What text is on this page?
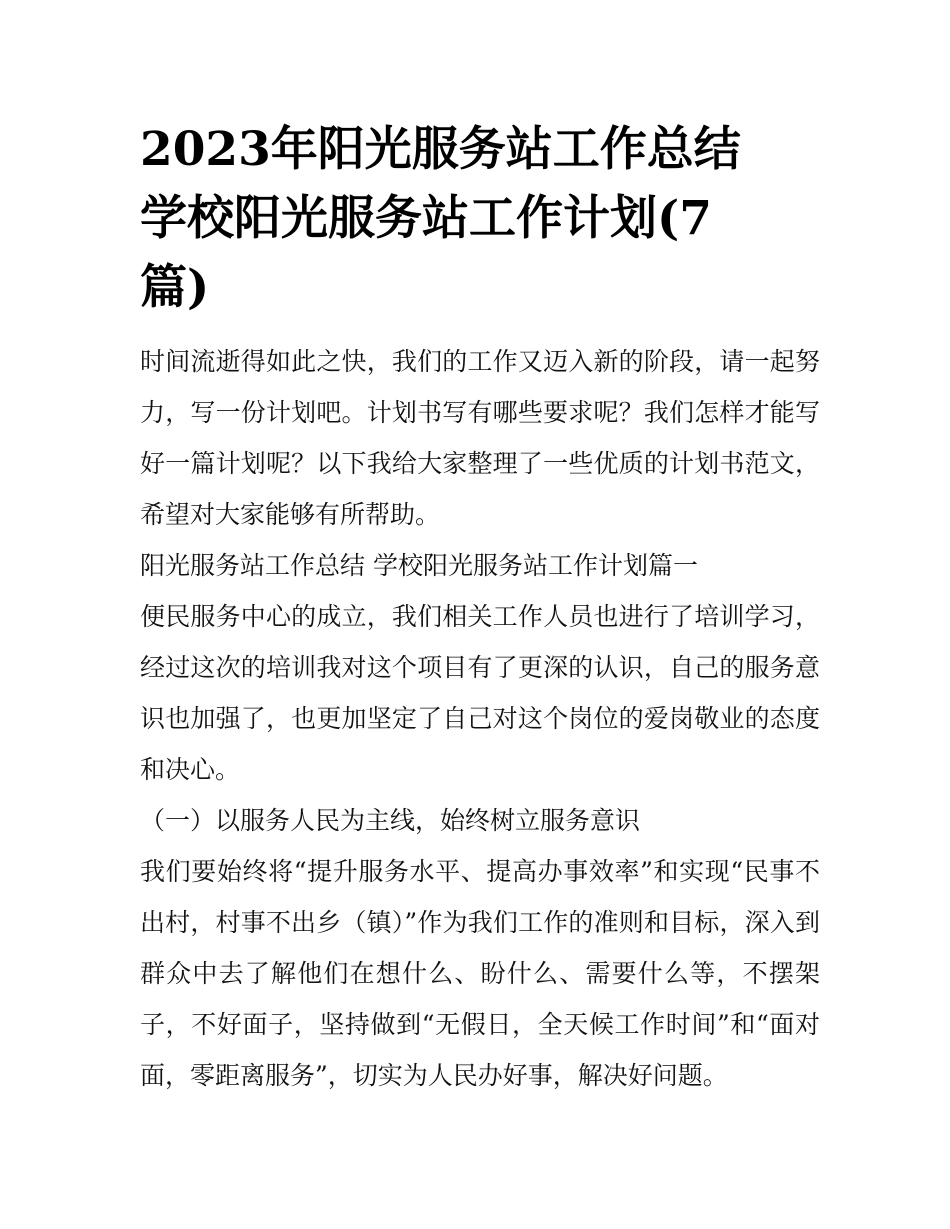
2023年阳光服务站工作总结
学校阳光服务站工作计划(7
篇)

时间流逝得如此之快，我们的工作又迈入新的阶段，请一起努力，写一份计划吧。计划书写有哪些要求呢？我们怎样才能写好一篇计划呢？以下我给大家整理了一些优质的计划书范文，希望对大家能够有所帮助。

阳光服务站工作总结 学校阳光服务站工作计划篇一

便民服务中心的成立，我们相关工作人员也进行了培训学习，经过这次的培训我对这个项目有了更深的认识，自己的服务意识也加强了，也更加坚定了自己对这个岗位的爱岗敬业的态度和决心。

（一）以服务人民为主线，始终树立服务意识

我们要始终将“提升服务水平、提高办事效率”和实现“民事不出村，村事不出乡（镇）”作为我们工作的准则和目标，深入到群众中去了解他们在想什么、盼什么、需要什么等，不摆架子，不好面子，坚持做到“无假日，全天候工作时间”和“面对面，零距离服务”，切实为人民办好事，解决好问题。
